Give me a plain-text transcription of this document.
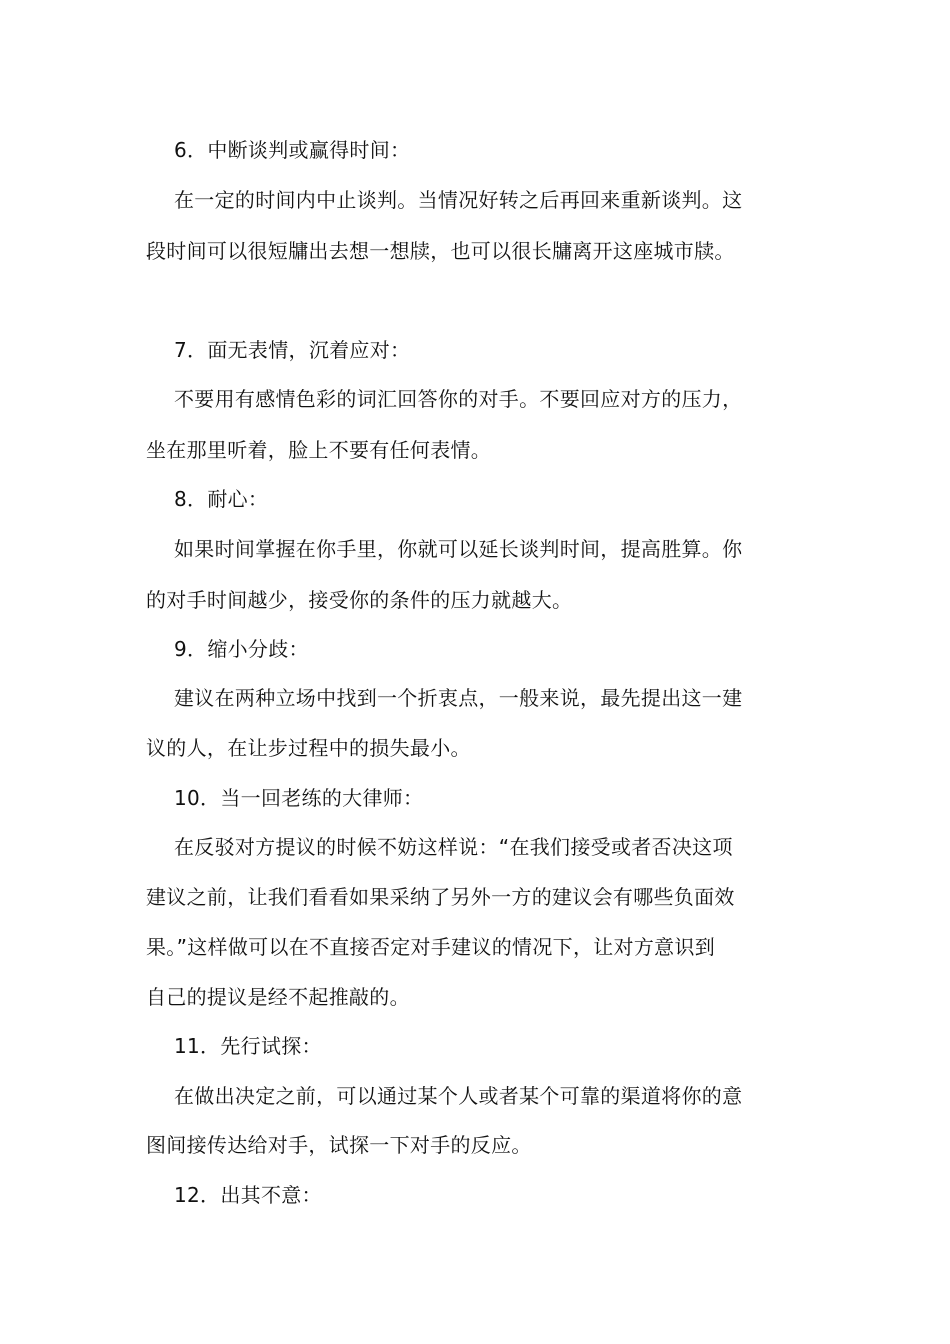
6．中断谈判或赢得时间：
在一定的时间内中止谈判。当情况好转之后再回来重新谈判。这
段时间可以很短牗出去想一想牍，也可以很长牗离开这座城市牍。
7．面无表情，沉着应对：
不要用有感情色彩的词汇回答你的对手。不要回应对方的压力，
坐在那里听着，脸上不要有任何表情。
8．耐心：
如果时间掌握在你手里，你就可以延长谈判时间，提高胜算。你
的对手时间越少，接受你的条件的压力就越大。
9．缩小分歧：
建议在两种立场中找到一个折衷点，一般来说，最先提出这一建
议的人，在让步过程中的损失最小。
10．当一回老练的大律师：
在反驳对方提议的时候不妨这样说：“在我们接受或者否决这项
建议之前，让我们看看如果采纳了另外一方的建议会有哪些负面效
果。”这样做可以在不直接否定对手建议的情况下，让对方意识到
自己的提议是经不起推敲的。
11．先行试探：
在做出决定之前，可以通过某个人或者某个可靠的渠道将你的意
图间接传达给对手，试探一下对手的反应。
12．出其不意：
